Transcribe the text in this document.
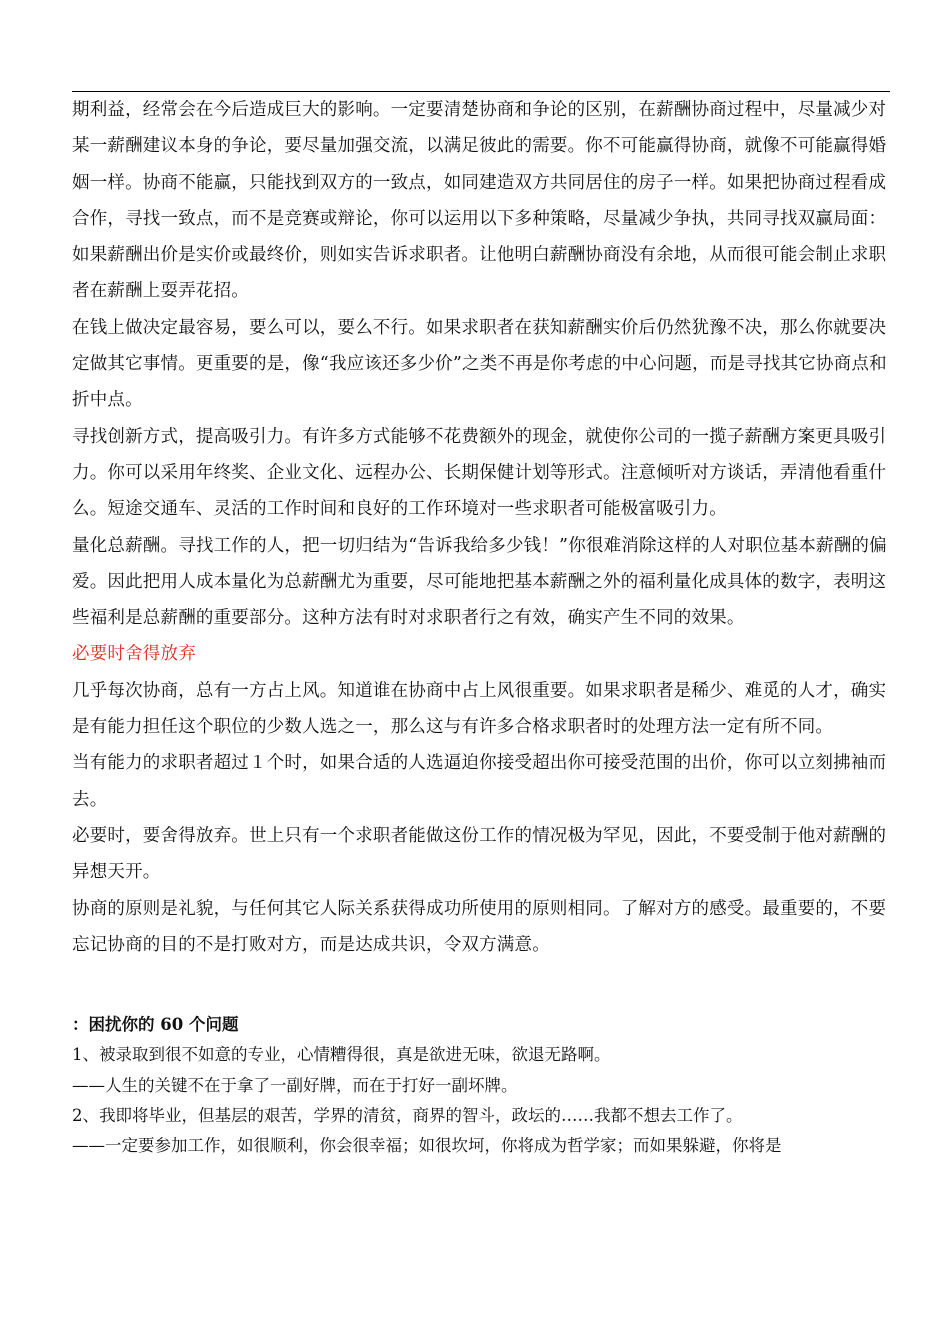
期利益，经常会在今后造成巨大的影响。一定要清楚协商和争论的区别，在薪酬协商过程中，尽量减少对某一薪酬建议本身的争论，要尽量加强交流，以满足彼此的需要。你不可能赢得协商，就像不可能赢得婚姻一样。协商不能赢，只能找到双方的一致点，如同建造双方共同居住的房子一样。如果把协商过程看成合作，寻找一致点，而不是竞赛或辩论，你可以运用以下多种策略，尽量减少争执，共同寻找双赢局面：

如果薪酬出价是实价或最终价，则如实告诉求职者。让他明白薪酬协商没有余地，从而很可能会制止求职者在薪酬上耍弄花招。

在钱上做决定最容易，要么可以，要么不行。如果求职者在获知薪酬实价后仍然犹豫不决，那么你就要决定做其它事情。更重要的是，像“我应该还多少价”之类不再是你考虑的中心问题，而是寻找其它协商点和折中点。

寻找创新方式，提高吸引力。有许多方式能够不花费额外的现金，就使你公司的一揽子薪酬方案更具吸引力。你可以采用年终奖、企业文化、远程办公、长期保健计划等形式。注意倾听对方谈话，弄清他看重什么。短途交通车、灵活的工作时间和良好的工作环境对一些求职者可能极富吸引力。

量化总薪酬。寻找工作的人，把一切归结为“告诉我给多少钱！”你很难消除这样的人对职位基本薪酬的偏爱。因此把用人成本量化为总薪酬尤为重要，尽可能地把基本薪酬之外的福利量化成具体的数字，表明这些福利是总薪酬的重要部分。这种方法有时对求职者行之有效，确实产生不同的效果。

必要时舍得放弃

几乎每次协商，总有一方占上风。知道谁在协商中占上风很重要。如果求职者是稀少、难觅的人才，确实是有能力担任这个职位的少数人选之一，那么这与有许多合格求职者时的处理方法一定有所不同。

当有能力的求职者超过１个时，如果合适的人选逼迫你接受超出你可接受范围的出价，你可以立刻拂袖而去。

必要时，要舍得放弃。世上只有一个求职者能做这份工作的情况极为罕见，因此，不要受制于他对薪酬的异想天开。

协商的原则是礼貌，与任何其它人际关系获得成功所使用的原则相同。了解对方的感受。最重要的，不要忘记协商的目的不是打败对方，而是达成共识，令双方满意。

：困扰你的 60 个问题

1、被录取到很不如意的专业，心情糟得很，真是欲进无味，欲退无路啊。

——人生的关键不在于拿了一副好牌，而在于打好一副坏牌。

2、我即将毕业，但基层的艰苦，学界的清贫，商界的智斗，政坛的……我都不想去工作了。

——一定要参加工作，如很顺利，你会很幸福；如很坎坷，你将成为哲学家；而如果躲避，你将是
